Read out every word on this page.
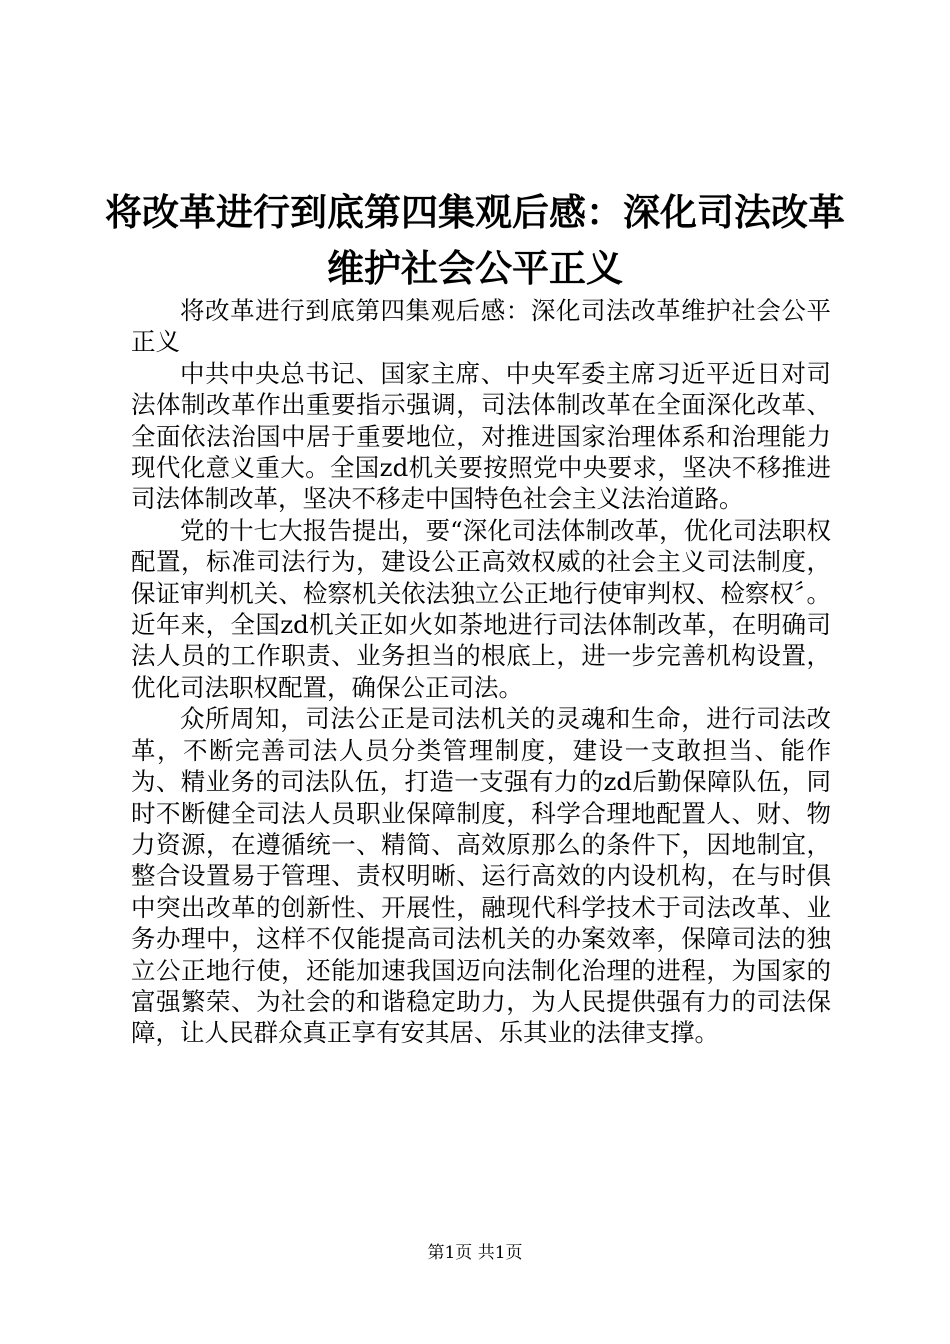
将改革进行到底第四集观后感：深化司法改革
维护社会公平正义

将改革进行到底第四集观后感：深化司法改革维护社会公平正义

中共中央总书记、国家主席、中央军委主席习近平近日对司法体制改革作出重要指示强调，司法体制改革在全面深化改革、全面依法治国中居于重要地位，对推进国家治理体系和治理能力现代化意义重大。全国zd机关要按照党中央要求，坚决不移推进司法体制改革，坚决不移走中国特色社会主义法治道路。

党的十七大报告提出，要“深化司法体制改革，优化司法职权配置，标准司法行为，建设公正高效权威的社会主义司法制度，保证审判机关、检察机关依法独立公正地行使审判权、检察权〞。近年来，全国zd机关正如火如荼地进行司法体制改革，在明确司法人员的工作职责、业务担当的根底上，进一步完善机构设置，优化司法职权配置，确保公正司法。

众所周知，司法公正是司法机关的灵魂和生命，进行司法改革，不断完善司法人员分类管理制度，建设一支敢担当、能作为、精业务的司法队伍，打造一支强有力的zd后勤保障队伍，同时不断健全司法人员职业保障制度，科学合理地配置人、财、物力资源，在遵循统一、精简、高效原那么的条件下，因地制宜，整合设置易于管理、责权明晰、运行高效的内设机构，在与时俱中突出改革的创新性、开展性，融现代科学技术于司法改革、业务办理中，这样不仅能提高司法机关的办案效率，保障司法的独立公正地行使，还能加速我国迈向法制化治理的进程，为国家的富强繁荣、为社会的和谐稳定助力，为人民提供强有力的司法保障，让人民群众真正享有安其居、乐其业的法律支撑。

第1页 共1页
